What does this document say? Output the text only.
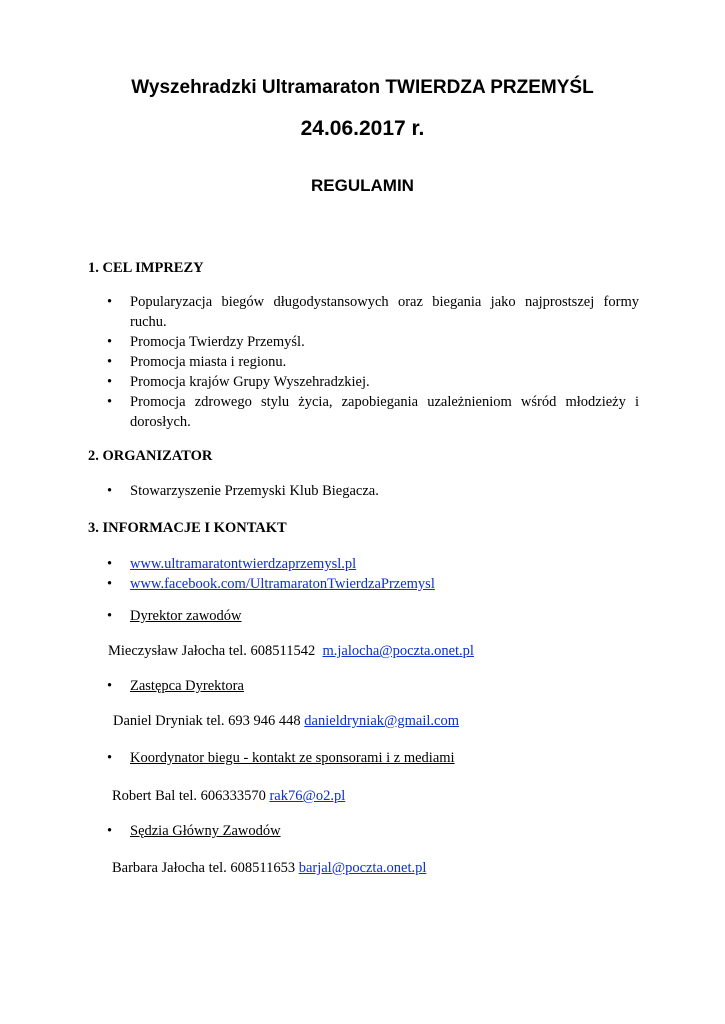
Wyszehradzki Ultramaraton TWIERDZA PRZEMYŚL
24.06.2017 r.
REGULAMIN
1. CEL IMPREZY
• Popularyzacja biegów długodystansowych oraz biegania jako najprostszej formy ruchu.
• Promocja Twierdzy Przemyśl.
• Promocja miasta i regionu.
• Promocja krajów Grupy Wyszehradzkiej.
• Promocja zdrowego stylu życia, zapobiegania uzależnieniom wśród młodzieży i dorosłych.
2. ORGANIZATOR
• Stowarzyszenie Przemyski Klub Biegacza.
3. INFORMACJE I KONTAKT
• www.ultramaratontwierdzaprzemysl.pl
• www.facebook.com/UltramaratonTwierdzaPrzemysl
• Dyrektor zawodów
Mieczysław Jałocha tel. 608511542 m.jalocha@poczta.onet.pl
• Zastępca Dyrektora
Daniel Dryniak tel. 693 946 448 danieldryniak@gmail.com
• Koordynator biegu - kontakt ze sponsorami i z mediami
Robert Bal tel. 606333570 rak76@o2.pl
• Sędzia Główny Zawodów
Barbara Jałocha tel. 608511653 barjal@poczta.onet.pl
